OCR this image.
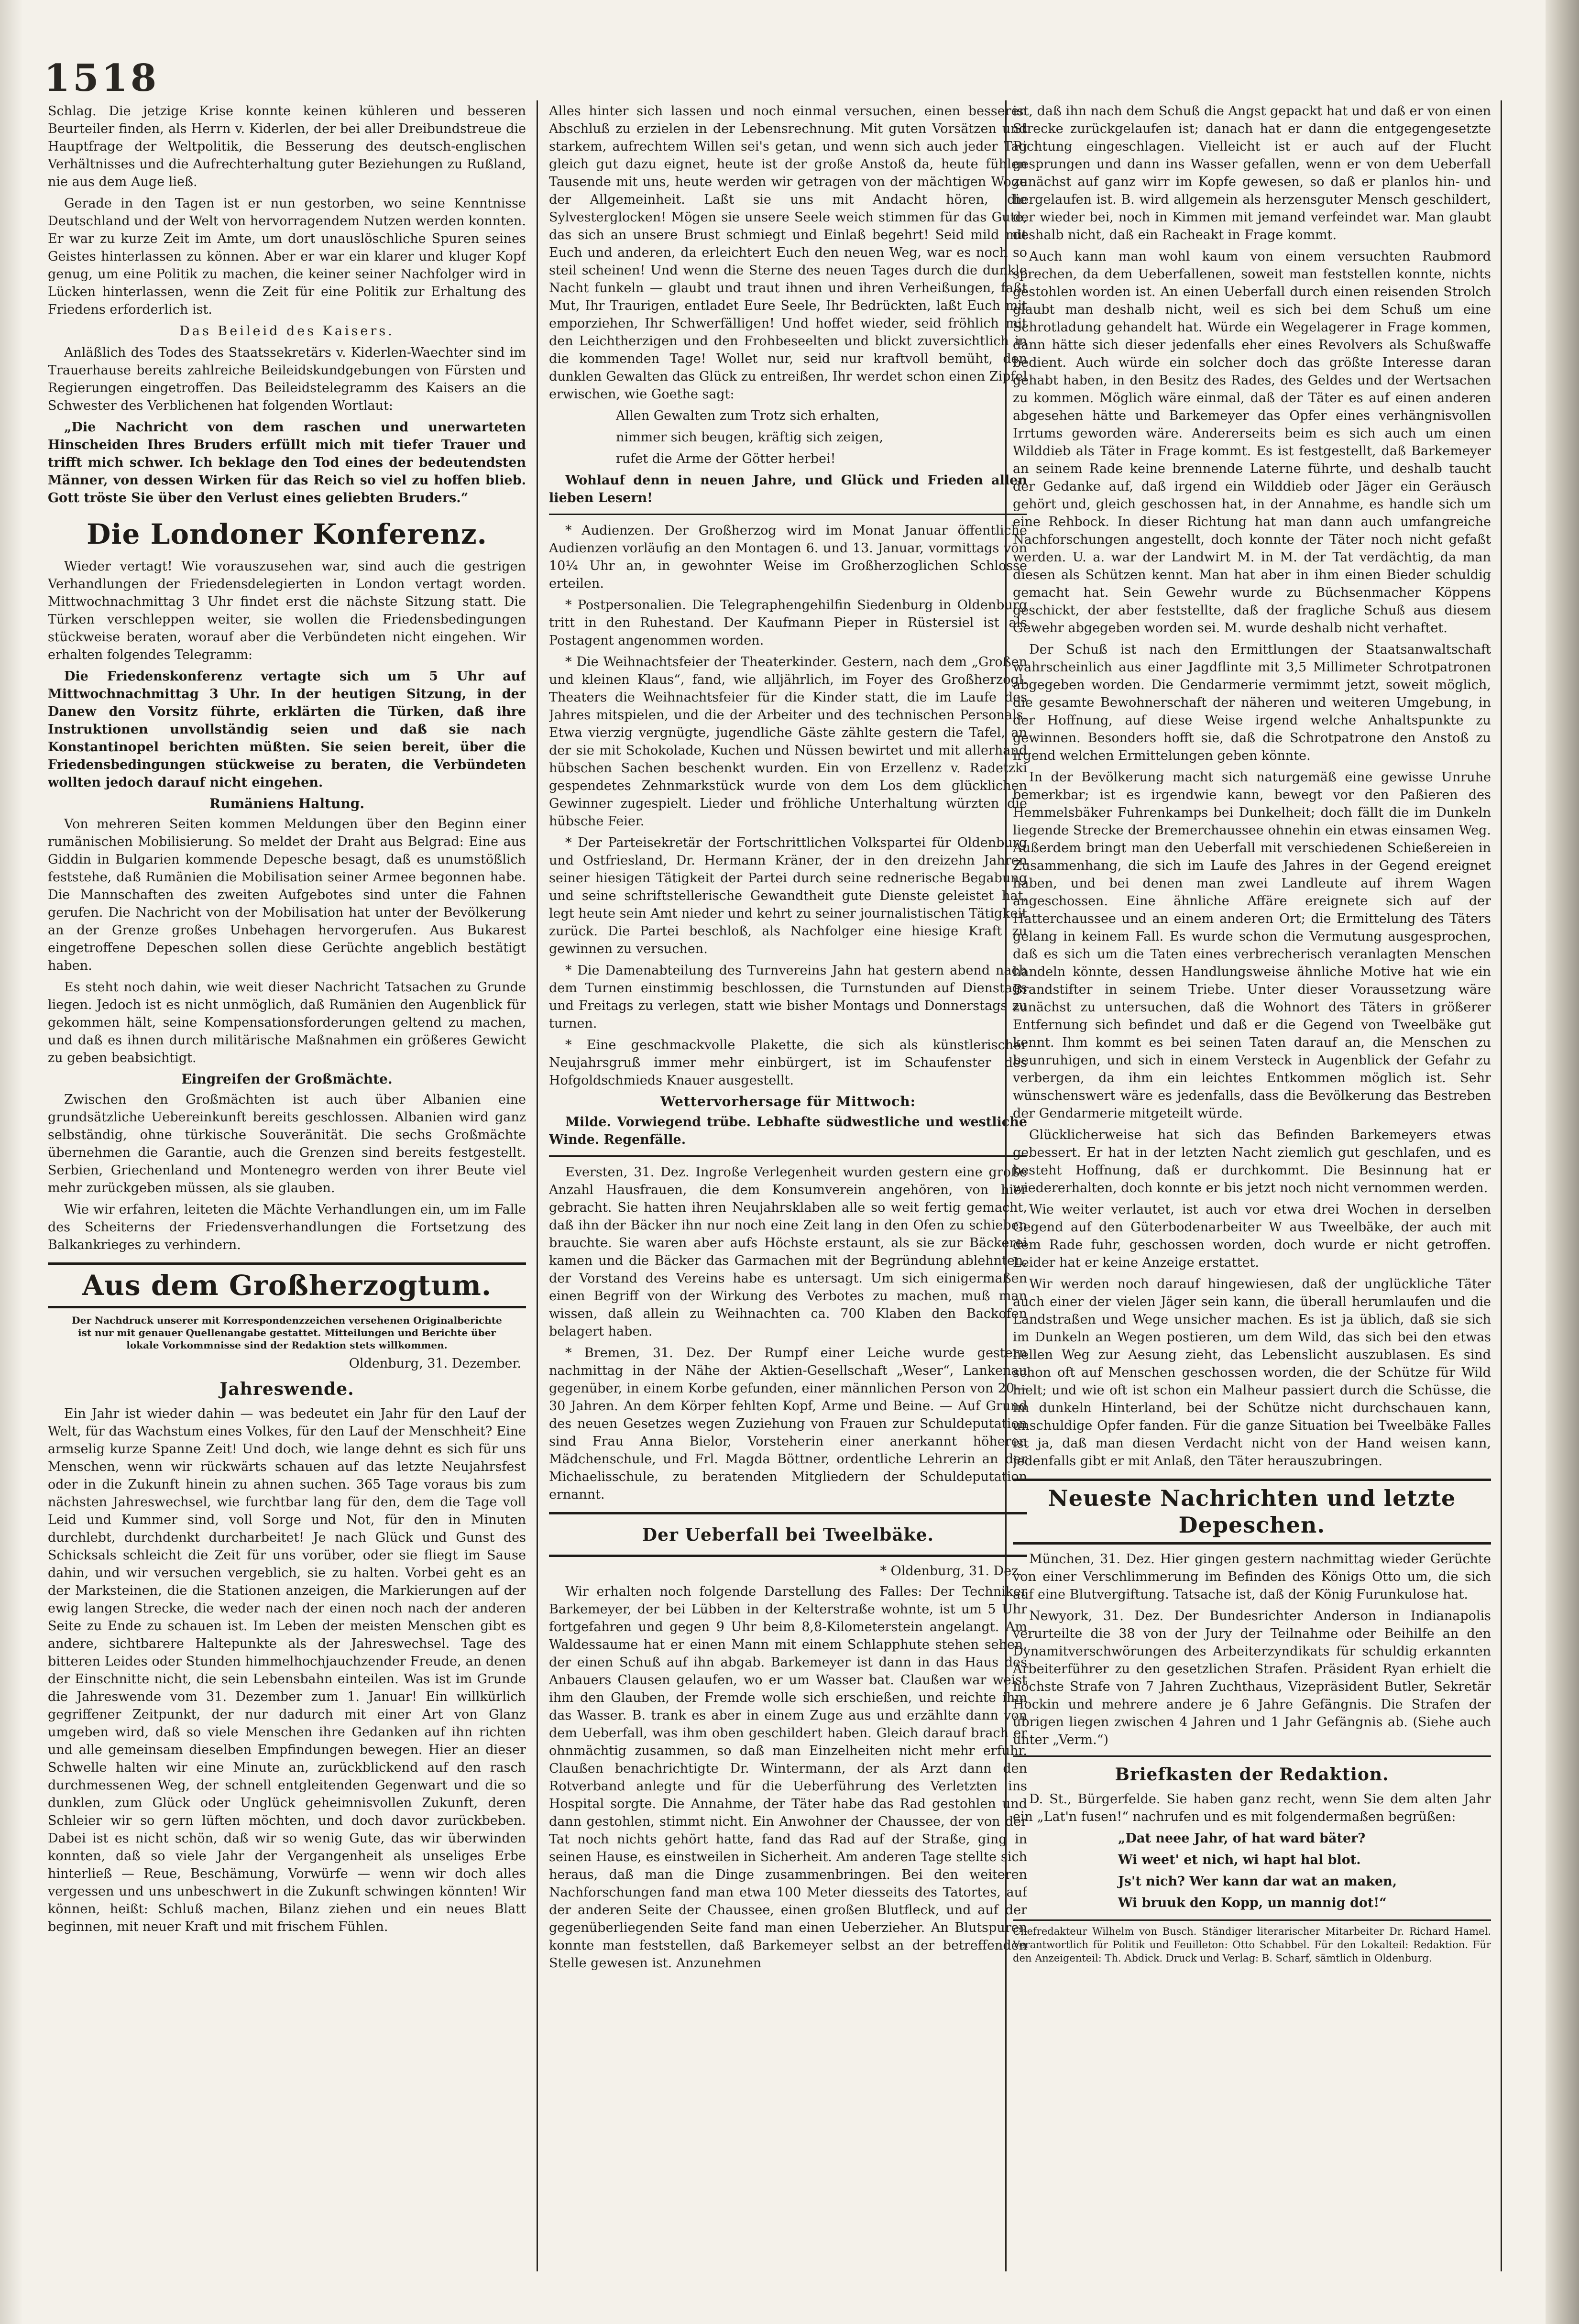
1518

Schlag. Die jetzige Krise konnte keinen kühleren und besseren Beurteiler finden, als Herrn v. Kiderlen, der bei aller Dreibundstreue die Hauptfrage der Weltpolitik, die Besserung des deutsch-englischen Verhältnisses und die Aufrechterhaltung guter Beziehungen zu Rußland, nie aus dem Auge ließ.

Gerade in den Tagen ist er nun gestorben, wo seine Kenntnisse Deutschland und der Welt von hervorragendem Nutzen werden konnten. Er war zu kurze Zeit im Amte, um dort unauslöschliche Spuren seines Geistes hinterlassen zu können. Aber er war ein klarer und kluger Kopf genug, um eine Politik zu machen, die keiner seiner Nachfolger wird in Lücken hinterlassen, wenn die Zeit für eine Politik zur Erhaltung des Friedens erforderlich ist.

Das Beileid des Kaisers.

Anläßlich des Todes des Staatssekretärs v. Kiderlen-Waechter sind im Trauerhause bereits zahlreiche Beileidskundgebungen von Fürsten und Regierungen eingetroffen. Das Beileidstelegramm des Kaisers an die Schwester des Verblichenen hat folgenden Wortlaut:

„Die Nachricht von dem raschen und unerwarteten Hinscheiden Ihres Bruders erfüllt mich mit tiefer Trauer und trifft mich schwer. Ich beklage den Tod eines der bedeutendsten Männer, von dessen Wirken für das Reich so viel zu hoffen blieb. Gott tröste Sie über den Verlust eines geliebten Bruders.“

Die Londoner Konferenz.

Wieder vertagt! Wie vorauszusehen war, sind auch die gestrigen Verhandlungen der Friedensdelegierten in London vertagt worden. Mittwochnachmittag 3 Uhr findet erst die nächste Sitzung statt. Die Türken verschleppen weiter, sie wollen die Friedensbedingungen stückweise beraten, worauf aber die Verbündeten nicht eingehen. Wir erhalten folgendes Telegramm:

Die Friedenskonferenz vertagte sich um 5 Uhr auf Mittwochnachmittag 3 Uhr. In der heutigen Sitzung, in der Danew den Vorsitz führte, erklärten die Türken, daß ihre Instruktionen unvollständig seien und daß sie nach Konstantinopel berichten müßten. Sie seien bereit, über die Friedensbedingungen stückweise zu beraten, die Verbündeten wollten jedoch darauf nicht eingehen.

Rumäniens Haltung.

Von mehreren Seiten kommen Meldungen über den Beginn einer rumänischen Mobilisierung. So meldet der Draht aus Belgrad: Eine aus Giddin in Bulgarien kommende Depesche besagt, daß es unumstößlich feststehe, daß Rumänien die Mobilisation seiner Armee begonnen habe. Die Mannschaften des zweiten Aufgebotes sind unter die Fahnen gerufen. Die Nachricht von der Mobilisation hat unter der Bevölkerung an der Grenze großes Unbehagen hervorgerufen. Aus Bukarest eingetroffene Depeschen sollen diese Gerüchte angeblich bestätigt haben.

Es steht noch dahin, wie weit dieser Nachricht Tatsachen zu Grunde liegen. Jedoch ist es nicht unmöglich, daß Rumänien den Augenblick für gekommen hält, seine Kompensationsforderungen geltend zu machen, und daß es ihnen durch militärische Maßnahmen ein größeres Gewicht zu geben beabsichtigt.

Eingreifen der Großmächte.

Zwischen den Großmächten ist auch über Albanien eine grundsätzliche Uebereinkunft bereits geschlossen. Albanien wird ganz selbständig, ohne türkische Souveränität. Die sechs Großmächte übernehmen die Garantie, auch die Grenzen sind bereits festgestellt. Serbien, Griechenland und Montenegro werden von ihrer Beute viel mehr zurückgeben müssen, als sie glauben.

Wie wir erfahren, leiteten die Mächte Verhandlungen ein, um im Falle des Scheiterns der Friedensverhandlungen die Fortsetzung des Balkankrieges zu verhindern.

Aus dem Großherzogtum.
Der Nachdruck unserer mit Korrespondenzzeichen versehenen Originalberichte ist nur mit genauer Quellenangabe gestattet. Mitteilungen und Berichte über lokale Vorkommnisse sind der Redaktion stets willkommen.
Oldenburg, 31. Dezember.
Jahreswende.

Ein Jahr ist wieder dahin — was bedeutet ein Jahr für den Lauf der Welt, für das Wachstum eines Volkes, für den Lauf der Menschheit? Eine armselig kurze Spanne Zeit! Und doch, wie lange dehnt es sich für uns Menschen, wenn wir rückwärts schauen auf das letzte Neujahrsfest oder in die Zukunft hinein zu ahnen suchen. 365 Tage voraus bis zum nächsten Jahreswechsel, wie furchtbar lang für den, dem die Tage voll Leid und Kummer sind, voll Sorge und Not, für den in Minuten durchlebt, durchdenkt durcharbeitet! Je nach Glück und Gunst des Schicksals schleicht die Zeit für uns vorüber, oder sie fliegt im Sause dahin, und wir versuchen vergeblich, sie zu halten. Vorbei geht es an der Marksteinen, die die Stationen anzeigen, die Markierungen auf der ewig langen Strecke, die weder nach der einen noch nach der anderen Seite zu Ende zu schauen ist. Im Leben der meisten Menschen gibt es andere, sichtbarere Haltepunkte als der Jahreswechsel. Tage des bitteren Leides oder Stunden himmelhochjauchzender Freude, an denen der Einschnitte nicht, die sein Lebensbahn einteilen. Was ist im Grunde die Jahreswende vom 31. Dezember zum 1. Januar! Ein willkürlich gegriffener Zeitpunkt, der nur dadurch mit einer Art von Glanz umgeben wird, daß so viele Menschen ihre Gedanken auf ihn richten und alle gemeinsam dieselben Empfindungen bewegen. Hier an dieser Schwelle halten wir eine Minute an, zurückblickend auf den rasch durchmessenen Weg, der schnell entgleitenden Gegenwart und die so dunklen, zum Glück oder Unglück geheimnisvollen Zukunft, deren Schleier wir so gern lüften möchten, und doch davor zurückbeben. Dabei ist es nicht schön, daß wir so wenig Gute, das wir überwinden konnten, daß so viele Jahr der Vergangenheit als unseliges Erbe hinterließ — Reue, Beschämung, Vorwürfe — wenn wir doch alles vergessen und uns unbeschwert in die Zukunft schwingen könnten! Wir können, heißt: Schluß machen, Bilanz ziehen und ein neues Blatt beginnen, mit neuer Kraft und mit frischem Fühlen.

Alles hinter sich lassen und noch einmal versuchen, einen besseren Abschluß zu erzielen in der Lebensrechnung. Mit guten Vorsätzen und starkem, aufrechtem Willen sei's getan, und wenn sich auch jeder Tag gleich gut dazu eignet, heute ist der große Anstoß da, heute fühlen Tausende mit uns, heute werden wir getragen von der mächtigen Woge der Allgemeinheit. Laßt sie uns mit Andacht hören, die Sylvesterglocken! Mögen sie unsere Seele weich stimmen für das Gute, das sich an unsere Brust schmiegt und Einlaß begehrt! Seid mild mit Euch und anderen, da erleichtert Euch den neuen Weg, war es noch so steil scheinen! Und wenn die Sterne des neuen Tages durch die dunkle Nacht funkeln — glaubt und traut ihnen und ihren Verheißungen, faßt Mut, Ihr Traurigen, entladet Eure Seele, Ihr Bedrückten, laßt Euch mit emporziehen, Ihr Schwerfälligen! Und hoffet wieder, seid fröhlich mit den Leichtherzigen und den Frohbeseelten und blickt zuversichtlich in die kommenden Tage! Wollet nur, seid nur kraftvoll bemüht, den dunklen Gewalten das Glück zu entreißen, Ihr werdet schon einen Zipfel erwischen, wie Goethe sagt:

Allen Gewalten zum Trotz sich erhalten,

nimmer sich beugen, kräftig sich zeigen,

rufet die Arme der Götter herbei!

Wohlauf denn in neuen Jahre, und Glück und Frieden allen lieben Lesern!

* Audienzen. Der Großherzog wird im Monat Januar öffentliche Audienzen vorläufig an den Montagen 6. und 13. Januar, vormittags von 10¼ Uhr an, in gewohnter Weise im Großherzoglichen Schlosse erteilen.

* Postpersonalien. Die Telegraphengehilfin Siedenburg in Oldenburg tritt in den Ruhestand. Der Kaufmann Pieper in Rüstersiel ist als Postagent angenommen worden.

* Die Weihnachtsfeier der Theaterkinder. Gestern, nach dem „Großen und kleinen Klaus“, fand, wie alljährlich, im Foyer des Großherzogl. Theaters die Weihnachtsfeier für die Kinder statt, die im Laufe des Jahres mitspielen, und die der Arbeiter und des technischen Personals. Etwa vierzig vergnügte, jugendliche Gäste zählte gestern die Tafel, an der sie mit Schokolade, Kuchen und Nüssen bewirtet und mit allerhand hübschen Sachen beschenkt wurden. Ein von Erzellenz v. Radetzki gespendetes Zehnmarkstück wurde von dem Los dem glücklichen Gewinner zugespielt. Lieder und fröhliche Unterhaltung würzten die hübsche Feier.

* Der Parteisekretär der Fortschrittlichen Volkspartei für Oldenburg und Ostfriesland, Dr. Hermann Kräner, der in den dreizehn Jahren seiner hiesigen Tätigkeit der Partei durch seine rednerische Begabung und seine schriftstellerische Gewandtheit gute Dienste geleistet hat, legt heute sein Amt nieder und kehrt zu seiner journalistischen Tätigkeit zurück. Die Partei beschloß, als Nachfolger eine hiesige Kraft zu gewinnen zu versuchen.

* Die Damenabteilung des Turnvereins Jahn hat gestern abend nach dem Turnen einstimmig beschlossen, die Turnstunden auf Dienstags und Freitags zu verlegen, statt wie bisher Montags und Donnerstags zu turnen.

* Eine geschmackvolle Plakette, die sich als künstlerischer Neujahrsgruß immer mehr einbürgert, ist im Schaufenster des Hofgoldschmieds Knauer ausgestellt.

Wettervorhersage für Mittwoch:

Milde. Vorwiegend trübe. Lebhafte südwestliche und westliche Winde. Regenfälle.

Eversten, 31. Dez. Ingroße Verlegenheit wurden gestern eine große Anzahl Hausfrauen, die dem Konsumverein angehören, von hier gebracht. Sie hatten ihren Neujahrsklaben alle so weit fertig gemacht, daß ihn der Bäcker ihn nur noch eine Zeit lang in den Ofen zu schieben brauchte. Sie waren aber aufs Höchste erstaunt, als sie zur Bäckerei kamen und die Bäcker das Garmachen mit der Begründung ablehnten, der Vorstand des Vereins habe es untersagt. Um sich einigermaßen einen Begriff von der Wirkung des Verbotes zu machen, muß man wissen, daß allein zu Weihnachten ca. 700 Klaben den Backofen belagert haben.

* Bremen, 31. Dez. Der Rumpf einer Leiche wurde gestern nachmittag in der Nähe der Aktien-Gesellschaft „Weser“, Lankenau gegenüber, in einem Korbe gefunden, einer männlichen Person von 20—30 Jahren. An dem Körper fehlten Kopf, Arme und Beine. — Auf Grund des neuen Gesetzes wegen Zuziehung von Frauen zur Schuldeputation sind Frau Anna Bielor, Vorsteherin einer anerkannt höheren Mädchenschule, und Frl. Magda Böttner, ordentliche Lehrerin an der Michaelisschule, zu beratenden Mitgliedern der Schuldeputation ernannt.

Der Ueberfall bei Tweelbäke.
* Oldenburg, 31. Dez.

Wir erhalten noch folgende Darstellung des Falles: Der Techniker Barkemeyer, der bei Lübben in der Kelterstraße wohnte, ist um 5 Uhr fortgefahren und gegen 9 Uhr beim 8,8-Kilometerstein angelangt. Am Waldessaume hat er einen Mann mit einem Schlapphute stehen sehen, der einen Schuß auf ihn abgab. Barkemeyer ist dann in das Haus des Anbauers Clausen gelaufen, wo er um Wasser bat. Claußen war weist ihm den Glauben, der Fremde wolle sich erschießen, und reichte ihm das Wasser. B. trank es aber in einem Zuge aus und erzählte dann von dem Ueberfall, was ihm oben geschildert haben. Gleich darauf brach er ohnmächtig zusammen, so daß man Einzelheiten nicht mehr erfuhr. Claußen benachrichtigte Dr. Wintermann, der als Arzt dann den Rotverband anlegte und für die Ueberführung des Verletzten ins Hospital sorgte. Die Annahme, der Täter habe das Rad gestohlen und dann gestohlen, stimmt nicht. Ein Anwohner der Chaussee, der von der Tat noch nichts gehört hatte, fand das Rad auf der Straße, ging in seinen Hause, es einstweilen in Sicherheit. Am anderen Tage stellte sich heraus, daß man die Dinge zusammenbringen. Bei den weiteren Nachforschungen fand man etwa 100 Meter diesseits des Tatortes, auf der anderen Seite der Chaussee, einen großen Blutfleck, und auf der gegenüberliegenden Seite fand man einen Ueberzieher. An Blutspuren konnte man feststellen, daß Barkemeyer selbst an der betreffenden Stelle gewesen ist. Anzunehmen

ist, daß ihn nach dem Schuß die Angst gepackt hat und daß er von einen Strecke zurückgelaufen ist; danach hat er dann die entgegengesetzte Richtung eingeschlagen. Vielleicht ist er auch auf der Flucht gesprungen und dann ins Wasser gefallen, wenn er von dem Ueberfall zunächst auf ganz wirr im Kopfe gewesen, so daß er planlos hin- und hergelaufen ist. B. wird allgemein als herzensguter Mensch geschildert, der wieder bei, noch in Kimmen mit jemand verfeindet war. Man glaubt deshalb nicht, daß ein Racheakt in Frage kommt.

Auch kann man wohl kaum von einem versuchten Raubmord sprechen, da dem Ueberfallenen, soweit man feststellen konnte, nichts gestohlen worden ist. An einen Ueberfall durch einen reisenden Strolch glaubt man deshalb nicht, weil es sich bei dem Schuß um eine Schrotladung gehandelt hat. Würde ein Wegelagerer in Frage kommen, dann hätte sich dieser jedenfalls eher eines Revolvers als Schußwaffe bedient. Auch würde ein solcher doch das größte Interesse daran gehabt haben, in den Besitz des Rades, des Geldes und der Wertsachen zu kommen. Möglich wäre einmal, daß der Täter es auf einen anderen abgesehen hätte und Barkemeyer das Opfer eines verhängnisvollen Irrtums geworden wäre. Andererseits beim es sich auch um einen Wilddieb als Täter in Frage kommt. Es ist festgestellt, daß Barkemeyer an seinem Rade keine brennende Laterne führte, und deshalb taucht der Gedanke auf, daß irgend ein Wilddieb oder Jäger ein Geräusch gehört und, gleich geschossen hat, in der Annahme, es handle sich um eine Rehbock. In dieser Richtung hat man dann auch umfangreiche Nachforschungen angestellt, doch konnte der Täter noch nicht gefaßt werden. U. a. war der Landwirt M. in M. der Tat verdächtig, da man diesen als Schützen kennt. Man hat aber in ihm einen Bieder schuldig gemacht hat. Sein Gewehr wurde zu Büchsenmacher Köppens geschickt, der aber feststellte, daß der fragliche Schuß aus diesem Gewehr abgegeben worden sei. M. wurde deshalb nicht verhaftet.

Der Schuß ist nach den Ermittlungen der Staatsanwaltschaft wahrscheinlich aus einer Jagdflinte mit 3,5 Millimeter Schrotpatronen abgegeben worden. Die Gendarmerie vermimmt jetzt, soweit möglich, die gesamte Bewohnerschaft der näheren und weiteren Umgebung, in der Hoffnung, auf diese Weise irgend welche Anhaltspunkte zu gewinnen. Besonders hofft sie, daß die Schrotpatrone den Anstoß zu irgend welchen Ermittelungen geben könnte.

In der Bevölkerung macht sich naturgemäß eine gewisse Unruhe bemerkbar; ist es irgendwie kann, bewegt vor den Paßieren des Hemmelsbäker Fuhrenkamps bei Dunkelheit; doch fällt die im Dunkeln liegende Strecke der Bremerchaussee ohnehin ein etwas einsamen Weg. Außerdem bringt man den Ueberfall mit verschiedenen Schießereien in Zusammenhang, die sich im Laufe des Jahres in der Gegend ereignet haben, und bei denen man zwei Landleute auf ihrem Wagen angeschossen. Eine ähnliche Affäre ereignete sich auf der Hatterchaussee und an einem anderen Ort; die Ermittelung des Täters gelang in keinem Fall. Es wurde schon die Vermutung ausgesprochen, daß es sich um die Taten eines verbrecherisch veranlagten Menschen handeln könnte, dessen Handlungsweise ähnliche Motive hat wie ein Brandstifter in seinem Triebe. Unter dieser Voraussetzung wäre zunächst zu untersuchen, daß die Wohnort des Täters in größerer Entfernung sich befindet und daß er die Gegend von Tweelbäke gut kennt. Ihm kommt es bei seinen Taten darauf an, die Menschen zu beunruhigen, und sich in einem Versteck in Augenblick der Gefahr zu verbergen, da ihm ein leichtes Entkommen möglich ist. Sehr wünschenswert wäre es jedenfalls, dass die Bevölkerung das Bestreben der Gendarmerie mitgeteilt würde.

Glücklicherweise hat sich das Befinden Barkemeyers etwas gebessert. Er hat in der letzten Nacht ziemlich gut geschlafen, und es besteht Hoffnung, daß er durchkommt. Die Besinnung hat er wiedererhalten, doch konnte er bis jetzt noch nicht vernommen werden.

Wie weiter verlautet, ist auch vor etwa drei Wochen in derselben Gegend auf den Güterbodenarbeiter W aus Tweelbäke, der auch mit dem Rade fuhr, geschossen worden, doch wurde er nicht getroffen. Leider hat er keine Anzeige erstattet.

Wir werden noch darauf hingewiesen, daß der unglückliche Täter auch einer der vielen Jäger sein kann, die überall herumlaufen und die Landstraßen und Wege unsicher machen. Es ist ja üblich, daß sie sich im Dunkeln an Wegen postieren, um dem Wild, das sich bei den etwas hellen Weg zur Aesung zieht, das Lebenslicht auszublasen. Es sind schon oft auf Menschen geschossen worden, die der Schütze für Wild hielt; und wie oft ist schon ein Malheur passiert durch die Schüsse, die im dunkeln Hinterland, bei der Schütze nicht durchschauen kann, unschuldige Opfer fanden. Für die ganze Situation bei Tweelbäke Falles ist ja, daß man diesen Verdacht nicht von der Hand weisen kann, jedenfalls gibt er mit Anlaß, den Täter herauszubringen.

Neueste Nachrichten und letzte Depeschen.

München, 31. Dez. Hier gingen gestern nachmittag wieder Gerüchte von einer Verschlimmerung im Befinden des Königs Otto um, die sich auf eine Blutvergiftung. Tatsache ist, daß der König Furunkulose hat.

Newyork, 31. Dez. Der Bundesrichter Anderson in Indianapolis verurteilte die 38 von der Jury der Teilnahme oder Beihilfe an den Dynamitverschwörungen des Arbeiterzyndikats für schuldig erkannten Arbeiterführer zu den gesetzlichen Strafen. Präsident Ryan erhielt die höchste Strafe von 7 Jahren Zuchthaus, Vizepräsident Butler, Sekretär Hockin und mehrere andere je 6 Jahre Gefängnis. Die Strafen der übrigen liegen zwischen 4 Jahren und 1 Jahr Gefängnis ab. (Siehe auch unter „Verm.“)

Briefkasten der Redaktion.

D. St., Bürgerfelde. Sie haben ganz recht, wenn Sie dem alten Jahr ein „Lat'n fusen!“ nachrufen und es mit folgendermaßen begrüßen:

„Dat neee Jahr, of hat ward bäter?

Wi weet' et nich, wi hapt hal blot.

Js't nich? Wer kann dar wat an maken,

Wi bruuk den Kopp, un mannig dot!“

Chefredakteur Wilhelm von Busch. Ständiger literarischer Mitarbeiter Dr. Richard Hamel. Verantwortlich für Politik und Feuilleton: Otto Schabbel. Für den Lokalteil: Redaktion. Für den Anzeigenteil: Th. Abdick. Druck und Verlag: B. Scharf, sämtlich in Oldenburg.
